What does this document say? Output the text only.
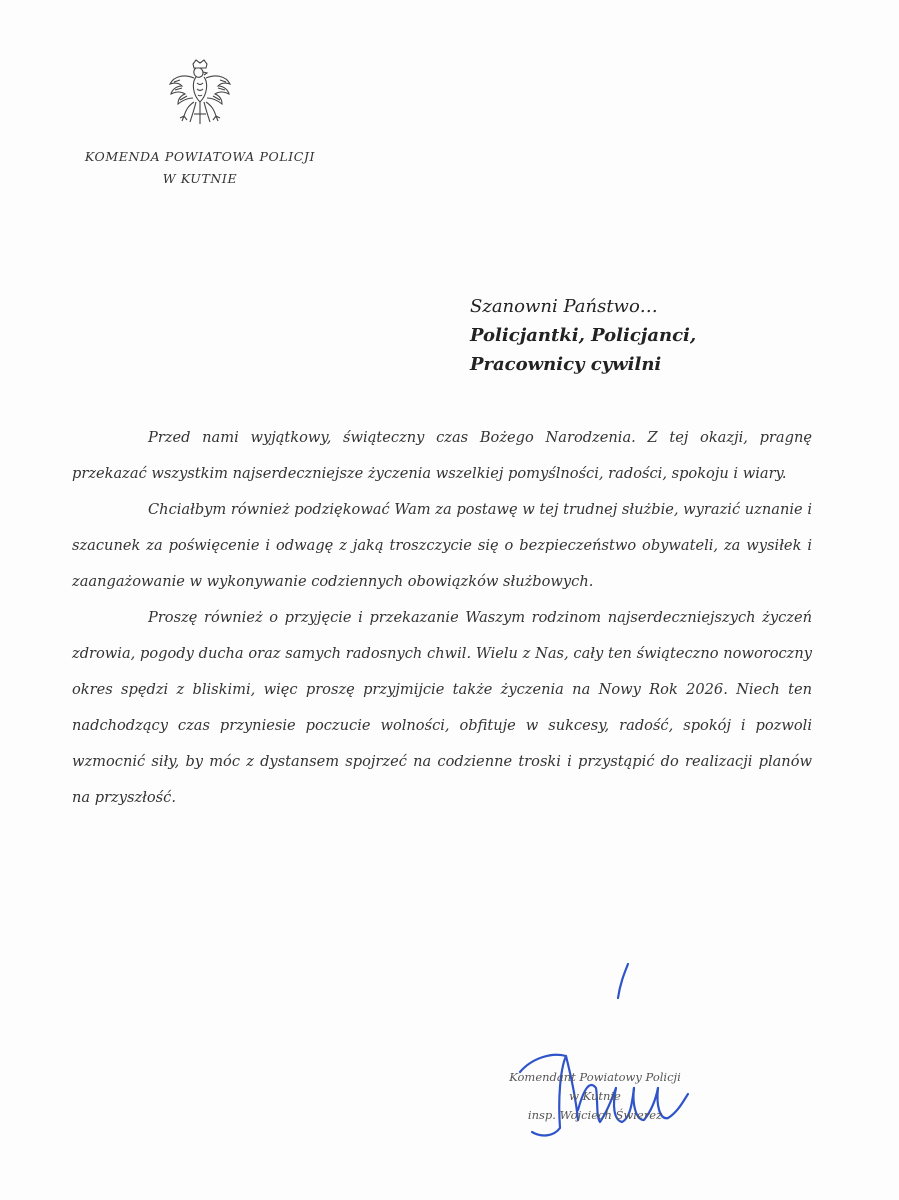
KOMENDA POWIATOWA POLICJI
W KUTNIE
Szanowni Państwo…
Policjantki, Policjanci,
Pracownicy cywilni

Przed nami wyjątkowy, świąteczny czas Bożego Narodzenia. Z tej okazji, pragnę przekazać wszystkim najserdeczniejsze życzenia wszelkiej pomyślności, radości, spokoju i wiary.

Chciałbym również podziękować Wam za postawę w tej trudnej służbie, wyrazić uznanie i szacunek za poświęcenie i odwagę z jaką troszczycie się o bezpieczeństwo obywateli, za wysiłek i zaangażowanie w wykonywanie codziennych obowiązków służbowych.

Proszę również o przyjęcie i przekazanie Waszym rodzinom najserdeczniejszych życzeń zdrowia, pogody ducha oraz samych radosnych chwil. Wielu z Nas, cały ten świąteczno noworoczny okres spędzi z bliskimi, więc proszę przyjmijcie także życzenia na Nowy Rok 2026. Niech ten nadchodzący czas przyniesie poczucie wolności, obfituje w sukcesy, radość, spokój i pozwoli wzmocnić siły, by móc z dystansem spojrzeć na codzienne troski i przystąpić do realizacji planów na przyszłość.

Komendant Powiatowy Policji
w Kutnie
insp. Wojciech Świerez
